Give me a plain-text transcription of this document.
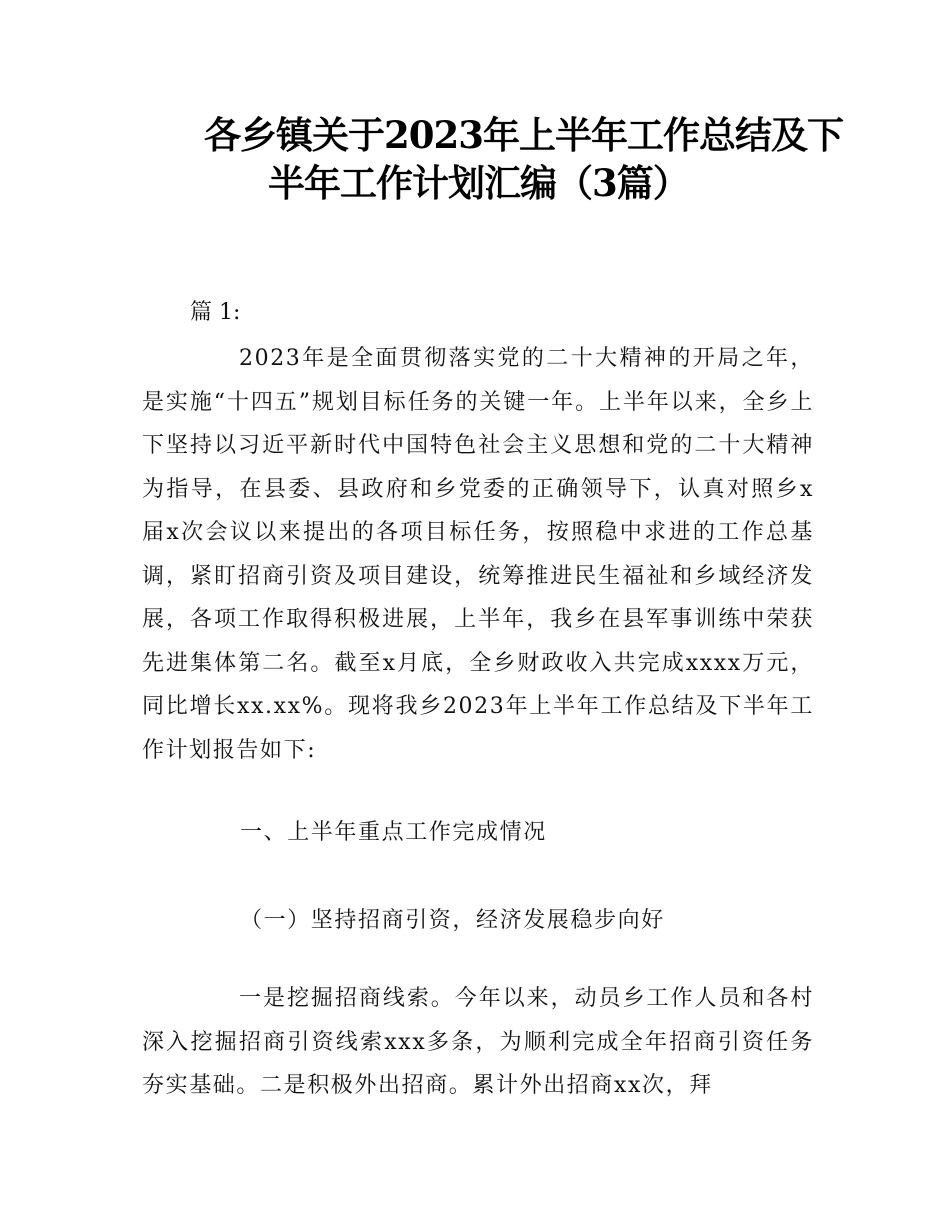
各乡镇关于2023年上半年工作总结及下
半年工作计划汇编（3篇）
篇 1:

2023年是全面贯彻落实党的二十大精神的开局之年，是实施“十四五”规划目标任务的关键一年。上半年以来，全乡上下坚持以习近平新时代中国特色社会主义思想和党的二十大精神为指导，在县委、县政府和乡党委的正确领导下，认真对照乡x届x次会议以来提出的各项目标任务，按照稳中求进的工作总基调，紧盯招商引资及项目建设，统筹推进民生福祉和乡域经济发展，各项工作取得积极进展，上半年，我乡在县军事训练中荣获先进集体第二名。截至x月底，全乡财政收入共完成xxxx万元，同比增长xx.xx%。现将我乡2023年上半年工作总结及下半年工作计划报告如下:

一、上半年重点工作完成情况
（一）坚持招商引资，经济发展稳步向好

一是挖掘招商线索。今年以来，动员乡工作人员和各村深入挖掘招商引资线索xxx多条，为顺利完成全年招商引资任务夯实基础。二是积极外出招商。累计外出招商xx次，拜
